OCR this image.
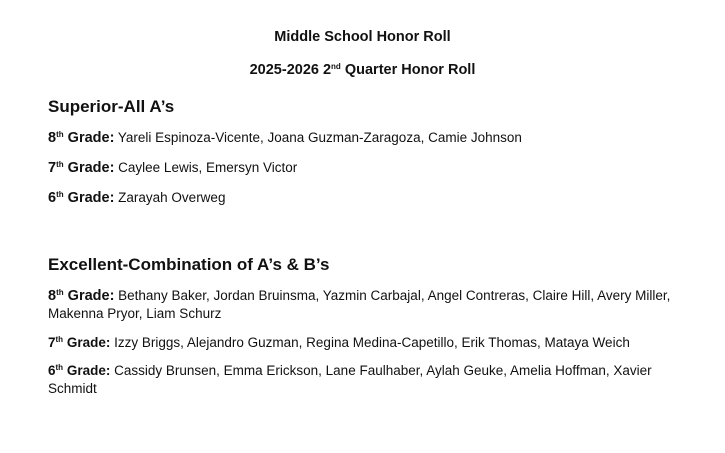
Middle School Honor Roll
2025-2026 2nd Quarter Honor Roll
Superior-All A’s
8th Grade: Yareli Espinoza-Vicente, Joana Guzman-Zaragoza, Camie Johnson
7th Grade: Caylee Lewis, Emersyn Victor
6th Grade: Zarayah Overweg
Excellent-Combination of A’s & B’s
8th Grade: Bethany Baker, Jordan Bruinsma, Yazmin Carbajal, Angel Contreras, Claire Hill, Avery Miller, Makenna Pryor, Liam Schurz
7th Grade: Izzy Briggs, Alejandro Guzman, Regina Medina-Capetillo, Erik Thomas, Mataya Weich
6th Grade: Cassidy Brunsen, Emma Erickson, Lane Faulhaber, Aylah Geuke, Amelia Hoffman, Xavier Schmidt
